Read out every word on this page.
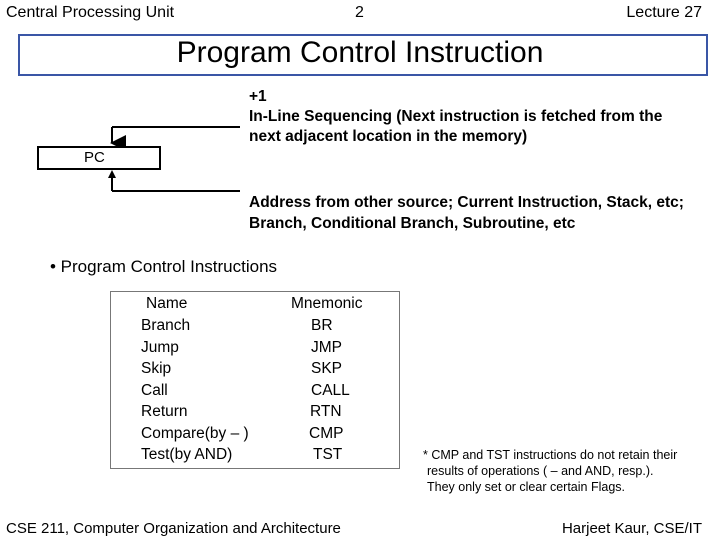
Central Processing Unit	2	Lecture 27
Program Control Instruction
PC
+1
In-Line Sequencing (Next instruction is fetched from the
next adjacent location in the memory)
Address from other source; Current Instruction, Stack, etc;
Branch, Conditional Branch, Subroutine, etc
• Program Control Instructions
Name	Mnemonic
Branch	BR
Jump	JMP
Skip	SKP
Call	CALL
Return	RTN
Compare(by – )	CMP
Test(by AND)	TST	* CMP and TST instructions do not retain their
results of operations ( – and AND, resp.).
They only set or clear certain Flags.
CSE 211, Computer Organization and Architecture	Harjeet Kaur, CSE/IT
